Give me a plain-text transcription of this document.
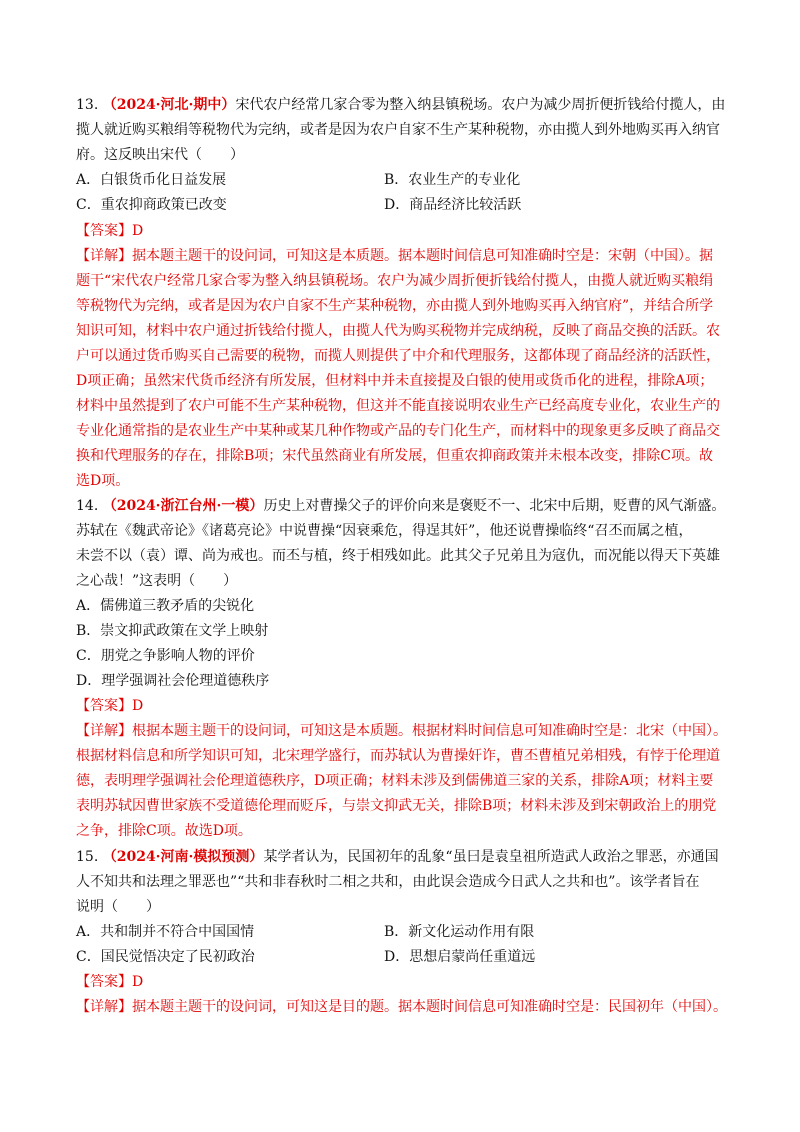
13. （2024·河北·期中）宋代农户经常几家合零为整入纳县镇税场。农户为减少周折便折钱给付揽人，由
揽人就近购买粮绢等税物代为完纳，或者是因为农户自家不生产某种税物，亦由揽人到外地购买再入纳官
府。这反映出宋代（　　）
A．白银货币化日益发展	B．农业生产的专业化
C．重农抑商政策已改变	D．商品经济比较活跃
【答案】D
【详解】据本题主题干的设问词，可知这是本质题。据本题时间信息可知准确时空是：宋朝（中国）。据
题干“宋代农户经常几家合零为整入纳县镇税场。农户为减少周折便折钱给付揽人，由揽人就近购买粮绢
等税物代为完纳，或者是因为农户自家不生产某种税物，亦由揽人到外地购买再入纳官府”，并结合所学
知识可知，材料中农户通过折钱给付揽人，由揽人代为购买税物并完成纳税，反映了商品交换的活跃。农
户可以通过货币购买自己需要的税物，而揽人则提供了中介和代理服务，这都体现了商品经济的活跃性，
D项正确；虽然宋代货币经济有所发展，但材料中并未直接提及白银的使用或货币化的进程，排除A项；
材料中虽然提到了农户可能不生产某种税物，但这并不能直接说明农业生产已经高度专业化，农业生产的
专业化通常指的是农业生产中某种或某几种作物或产品的专门化生产，而材料中的现象更多反映了商品交
换和代理服务的存在，排除B项；宋代虽然商业有所发展，但重农抑商政策并未根本改变，排除C项。故
选D项。
14. （2024·浙江台州·一模）历史上对曹操父子的评价向来是褒贬不一、北宋中后期，贬曹的风气渐盛。
苏轼在《魏武帝论》《诸葛亮论》中说曹操“因衰乘危，得逞其奸”，他还说曹操临终“召丕而属之植，
未尝不以（袁）谭、尚为戒也。而丕与植，终于相残如此。此其父子兄弟且为寇仇，而况能以得天下英雄
之心哉！”这表明（　　）
A．儒佛道三教矛盾的尖锐化
B．崇文抑武政策在文学上映射
C．朋党之争影响人物的评价
D．理学强调社会伦理道德秩序
【答案】D
【详解】根据本题主题干的设问词，可知这是本质题。根据材料时间信息可知准确时空是：北宋（中国）。
根据材料信息和所学知识可知，北宋理学盛行，而苏轼认为曹操奸诈，曹丕曹植兄弟相残，有悖于伦理道
德，表明理学强调社会伦理道德秩序，D项正确；材料未涉及到儒佛道三家的关系，排除A项；材料主要
表明苏轼因曹世家族不受道德伦理而贬斥，与崇文抑武无关，排除B项；材料未涉及到宋朝政治上的朋党
之争，排除C项。故选D项。
15. （2024·河南·模拟预测）某学者认为，民国初年的乱象“虽曰是袁皇祖所造武人政治之罪恶，亦通国
人不知共和法理之罪恶也”“共和非春秋时二相之共和，由此误会造成今日武人之共和也”。该学者旨在
说明（　　）
A．共和制并不符合中国国情	B．新文化运动作用有限
C．国民觉悟决定了民初政治	D．思想启蒙尚任重道远
【答案】D
【详解】据本题主题干的设问词，可知这是目的题。据本题时间信息可知准确时空是：民国初年（中国）。
